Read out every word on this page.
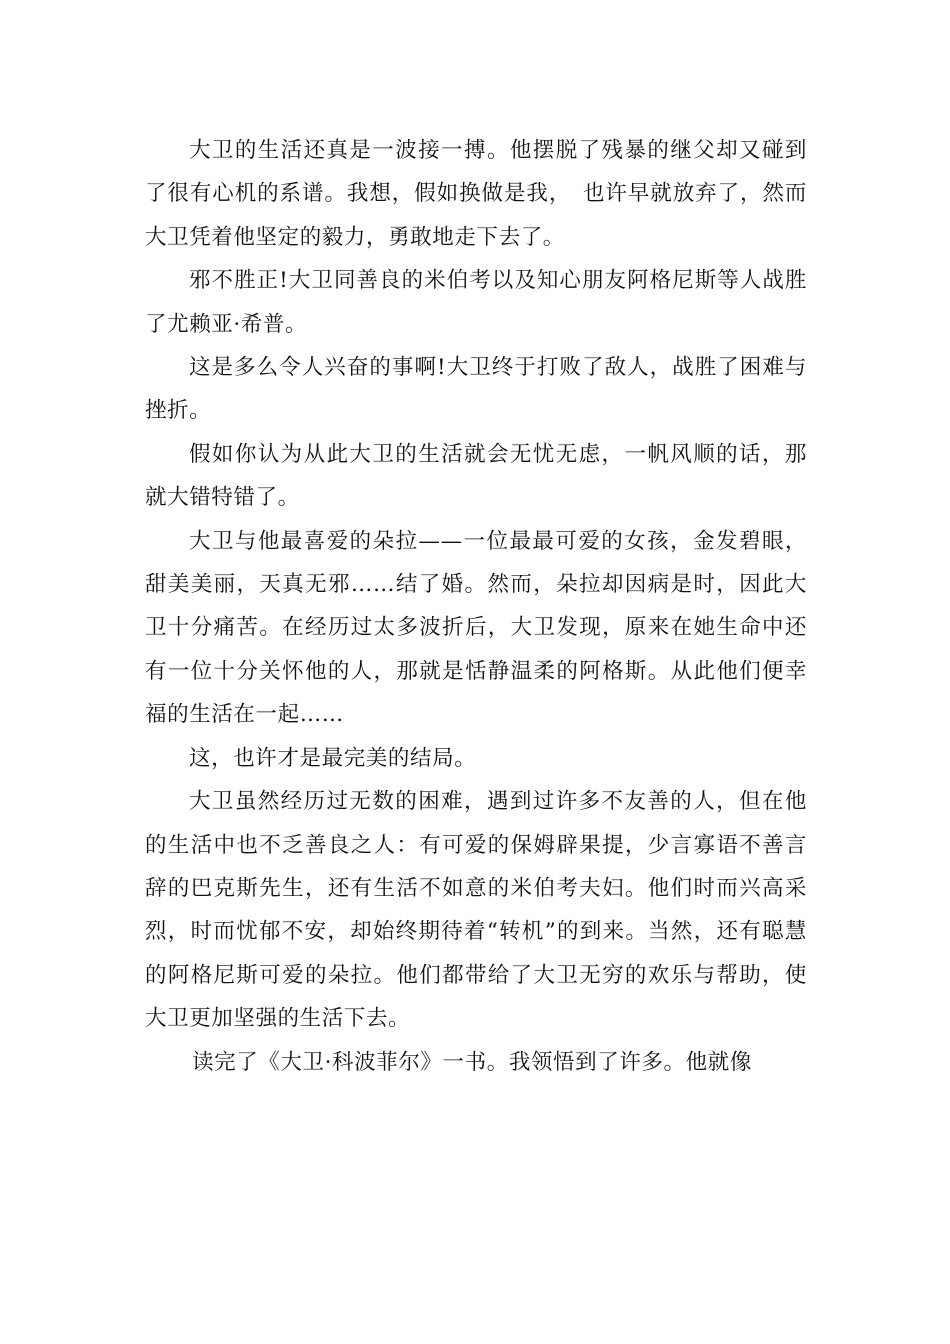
大卫的生活还真是一波接一搏。他摆脱了残暴的继父却又碰到了很有心机的系谱。我想，假如换做是我，　也许早就放弃了，然而大卫凭着他坚定的毅力，勇敢地走下去了。

邪不胜正!大卫同善良的米伯考以及知心朋友阿格尼斯等人战胜了尤赖亚·希普。

这是多么令人兴奋的事啊!大卫终于打败了敌人，战胜了困难与挫折。

假如你认为从此大卫的生活就会无忧无虑，一帆风顺的话，那就大错特错了。

大卫与他最喜爱的朵拉——一位最最可爱的女孩，金发碧眼，甜美美丽，天真无邪……结了婚。然而，朵拉却因病是时，因此大卫十分痛苦。在经历过太多波折后，大卫发现，原来在她生命中还有一位十分关怀他的人，那就是恬静温柔的阿格斯。从此他们便幸福的生活在一起……

这，也许才是最完美的结局。

大卫虽然经历过无数的困难，遇到过许多不友善的人，但在他的生活中也不乏善良之人：有可爱的保姆辟果提，少言寡语不善言辞的巴克斯先生，还有生活不如意的米伯考夫妇。他们时而兴高采烈，时而忧郁不安，却始终期待着“转机”的到来。当然，还有聪慧的阿格尼斯可爱的朵拉。他们都带给了大卫无穷的欢乐与帮助，使大卫更加坚强的生活下去。

读完了《大卫·科波菲尔》一书。我领悟到了许多。他就像
